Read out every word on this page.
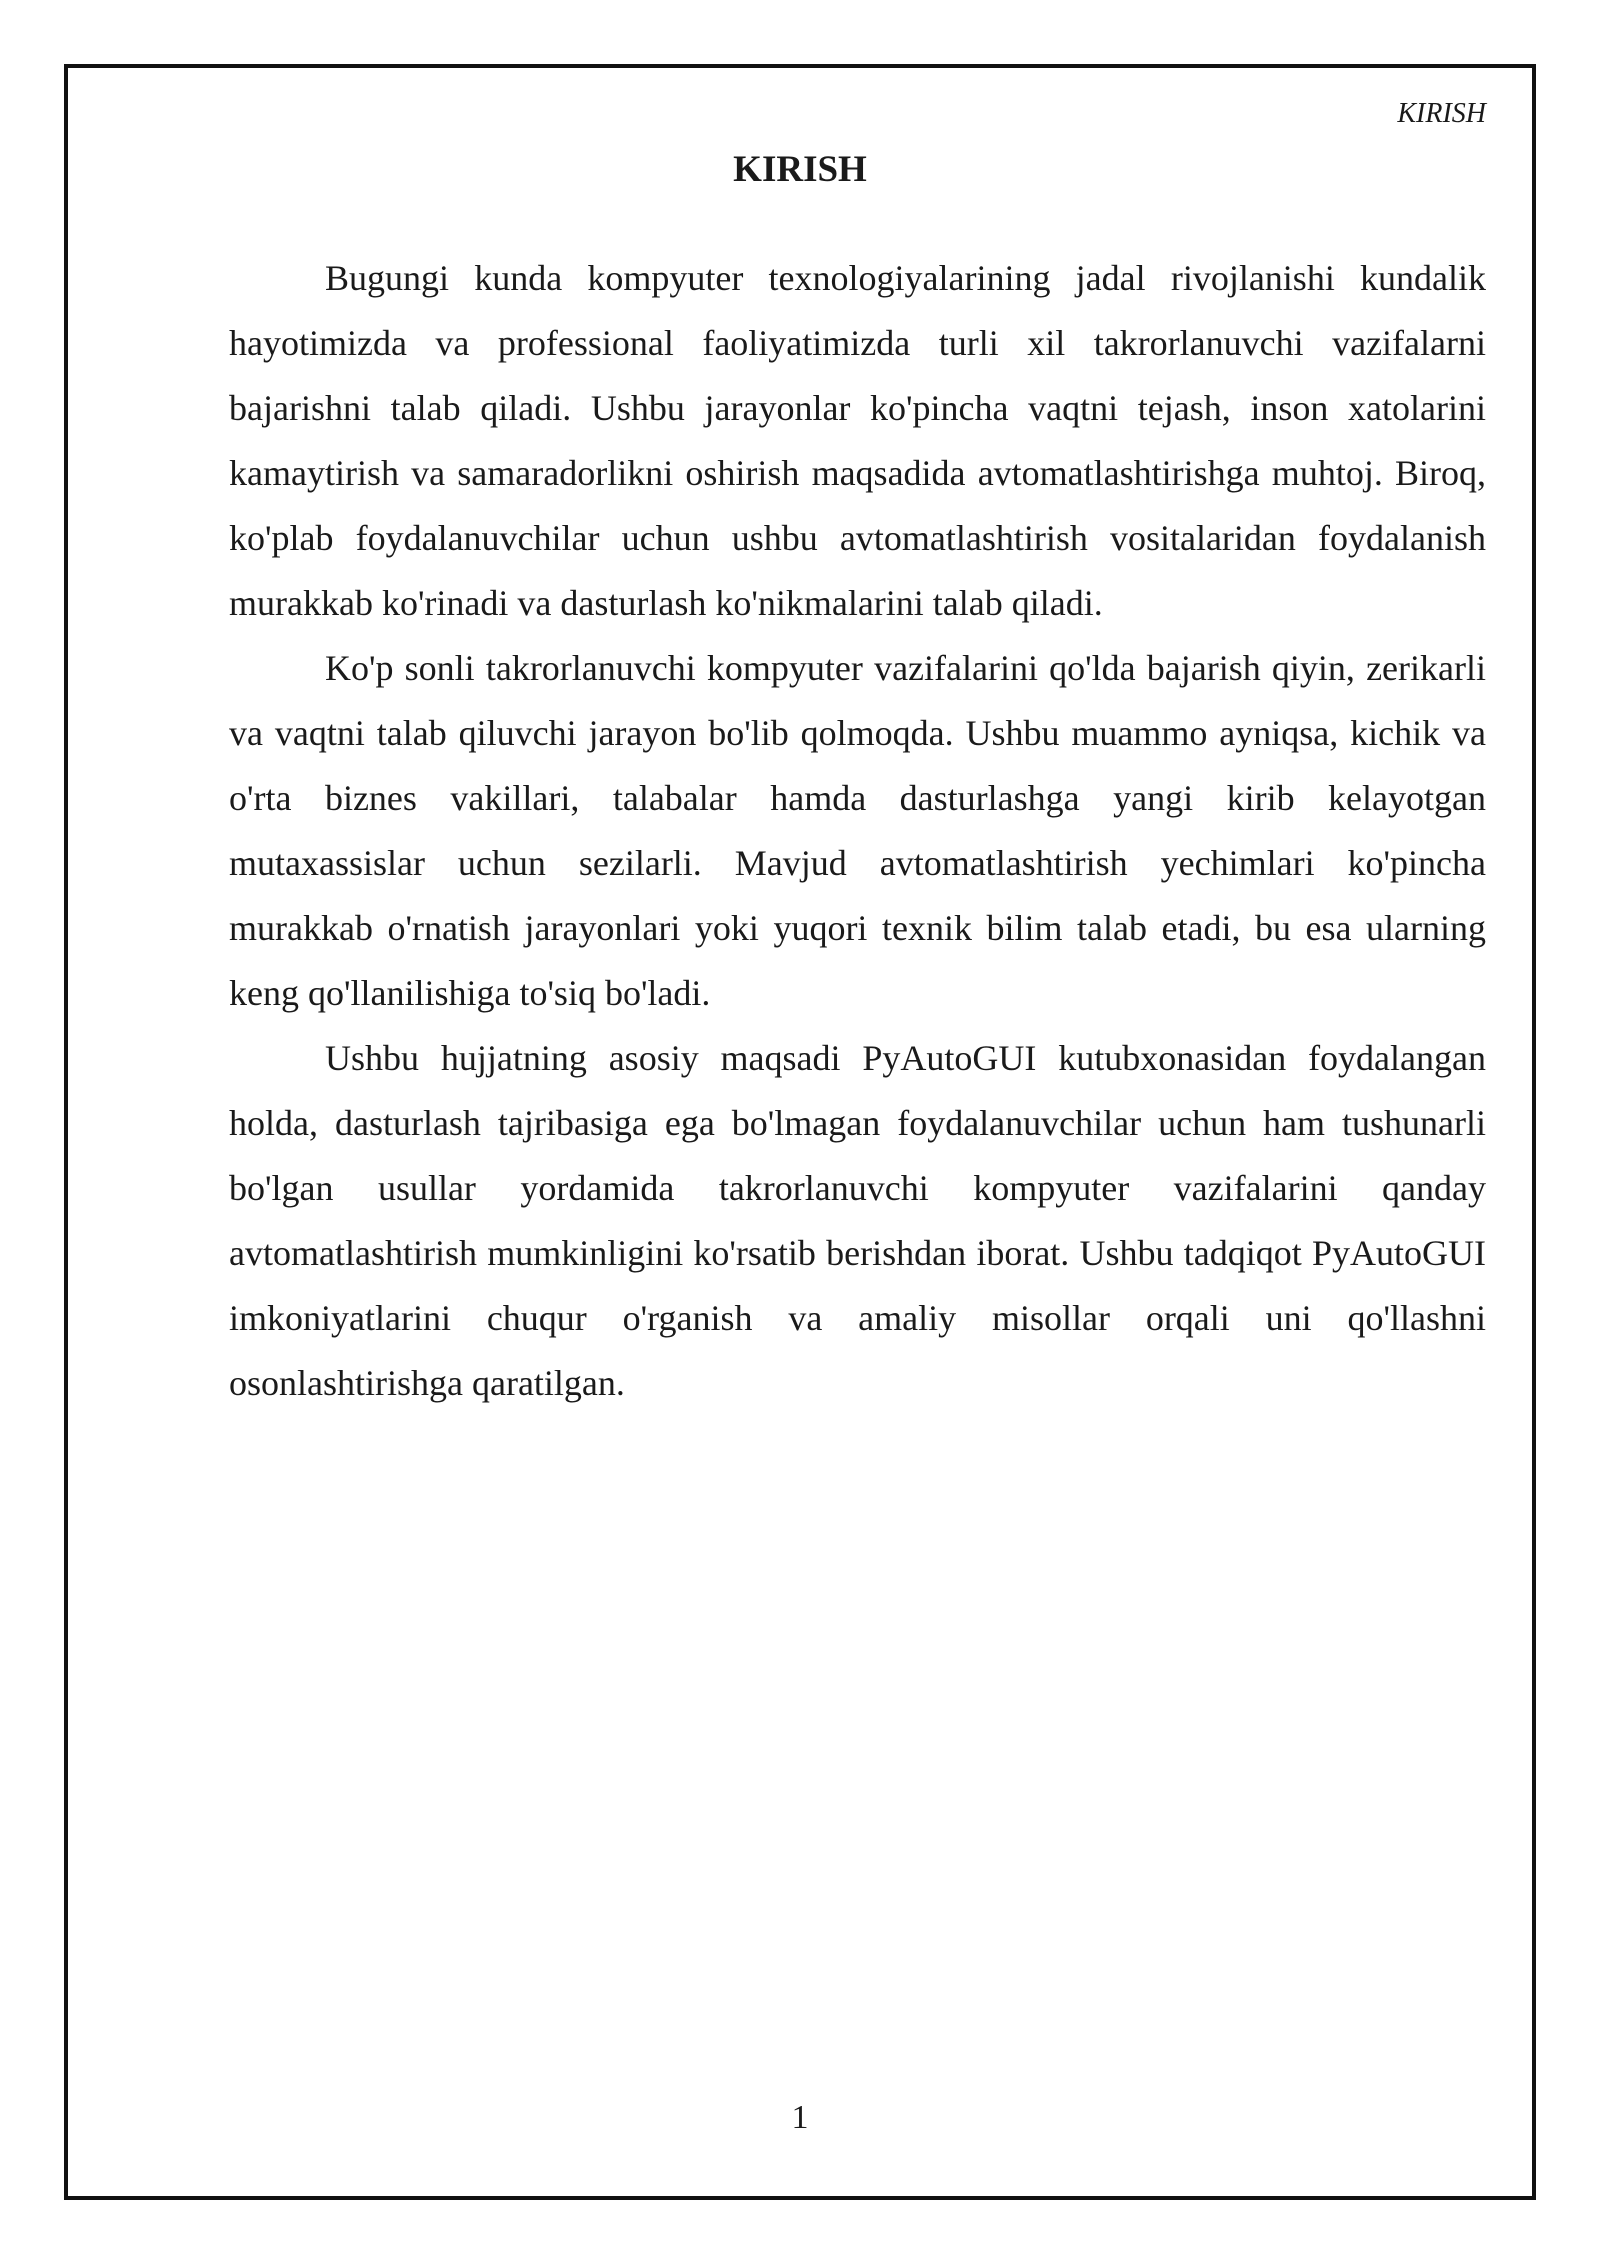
KIRISH
KIRISH

Bugungi kunda kompyuter texnologiyalarining jadal rivojlanishi kundalik hayotimizda va professional faoliyatimizda turli xil takrorlanuvchi vazifalarni bajarishni talab qiladi. Ushbu jarayonlar ko'pincha vaqtni tejash, inson xatolarini kamaytirish va samaradorlikni oshirish maqsadida avtomatlashtirishga muhtoj. Biroq, ko'plab foydalanuvchilar uchun ushbu avtomatlashtirish vositalaridan foydalanish murakkab ko'rinadi va dasturlash ko'nikmalarini talab qiladi.

Ko'p sonli takrorlanuvchi kompyuter vazifalarini qo'lda bajarish qiyin, zerikarli va vaqtni talab qiluvchi jarayon bo'lib qolmoqda. Ushbu muammo ayniqsa, kichik va o'rta biznes vakillari, talabalar hamda dasturlashga yangi kirib kelayotgan mutaxassislar uchun sezilarli. Mavjud avtomatlashtirish yechimlari ko'pincha murakkab o'rnatish jarayonlari yoki yuqori texnik bilim talab etadi, bu esa ularning keng qo'llanilishiga to'siq bo'ladi.

Ushbu hujjatning asosiy maqsadi PyAutoGUI kutubxonasidan foydalangan holda, dasturlash tajribasiga ega bo'lmagan foydalanuvchilar uchun ham tushunarli bo'lgan usullar yordamida takrorlanuvchi kompyuter vazifalarini qanday avtomatlashtirish mumkinligini ko'rsatib berishdan iborat. Ushbu tadqiqot PyAutoGUI imkoniyatlarini chuqur o'rganish va amaliy misollar orqali uni qo'llashni osonlashtirishga qaratilgan.

1
